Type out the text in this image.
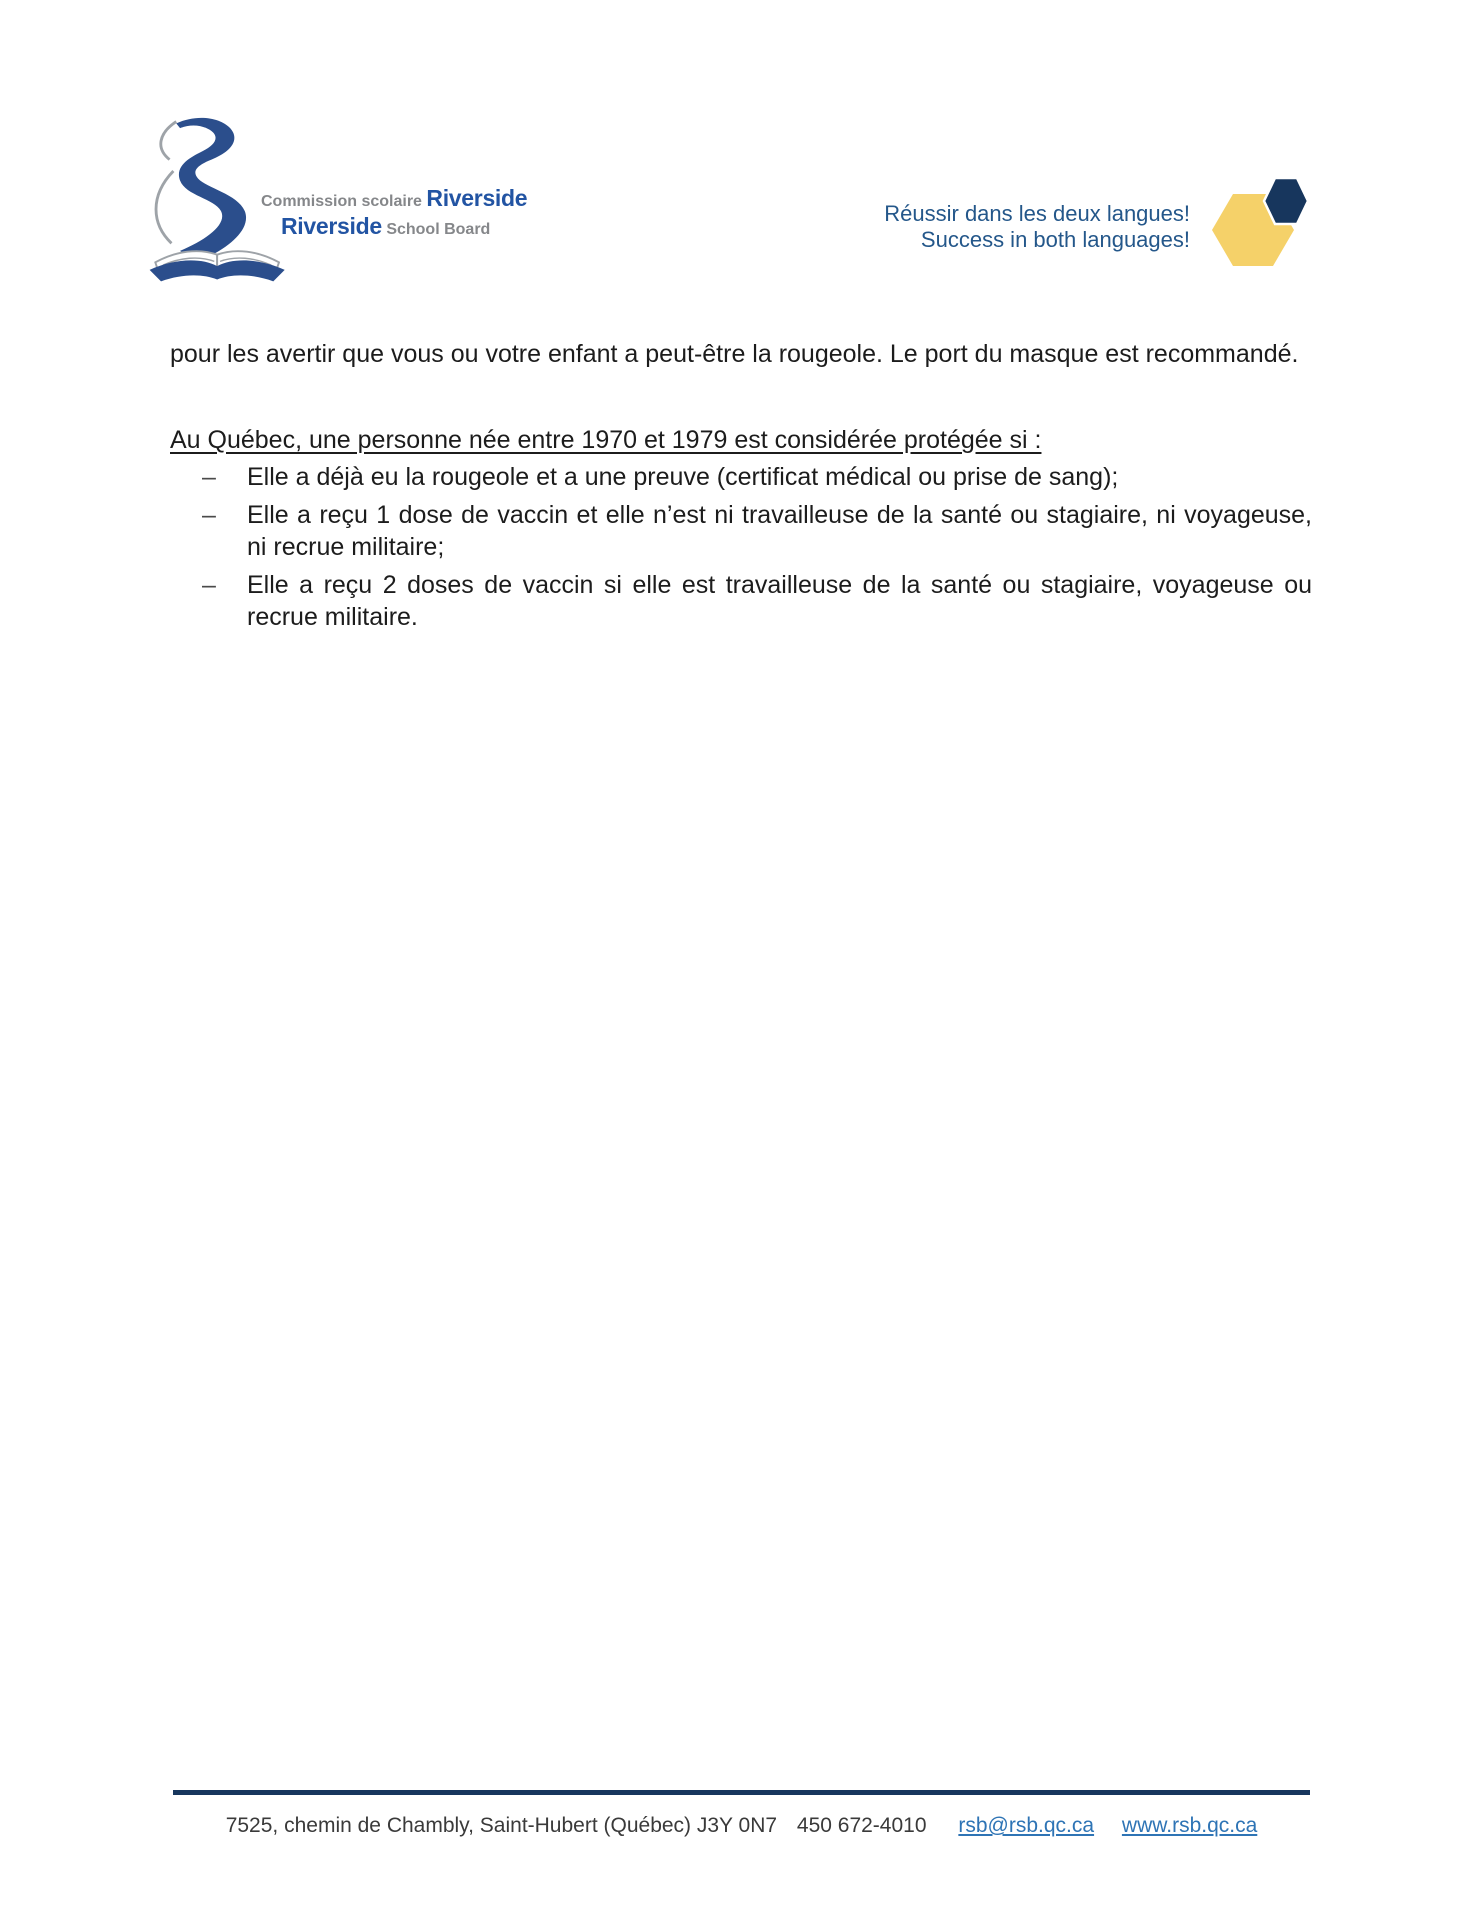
Commission scolaire Riverside
Riverside School Board
Réussir dans les deux langues!
Success in both languages!

pour les avertir que vous ou votre enfant a peut-être la rougeole. Le port du masque est recommandé.

Au Québec, une personne née entre 1970 et 1979 est considérée protégée si :

– Elle a déjà eu la rougeole et a une preuve (certificat médical ou prise de sang);
– Elle a reçu 1 dose de vaccin et elle n’est ni travailleuse de la santé ou stagiaire, ni voyageuse, ni recrue militaire;
– Elle a reçu 2 doses de vaccin si elle est travailleuse de la santé ou stagiaire, voyageuse ou recrue militaire.
7525, chemin de Chambly, Saint-Hubert (Québec) J3Y 0N7 450 672-4010 rsb@rsb.qc.ca www.rsb.qc.ca
